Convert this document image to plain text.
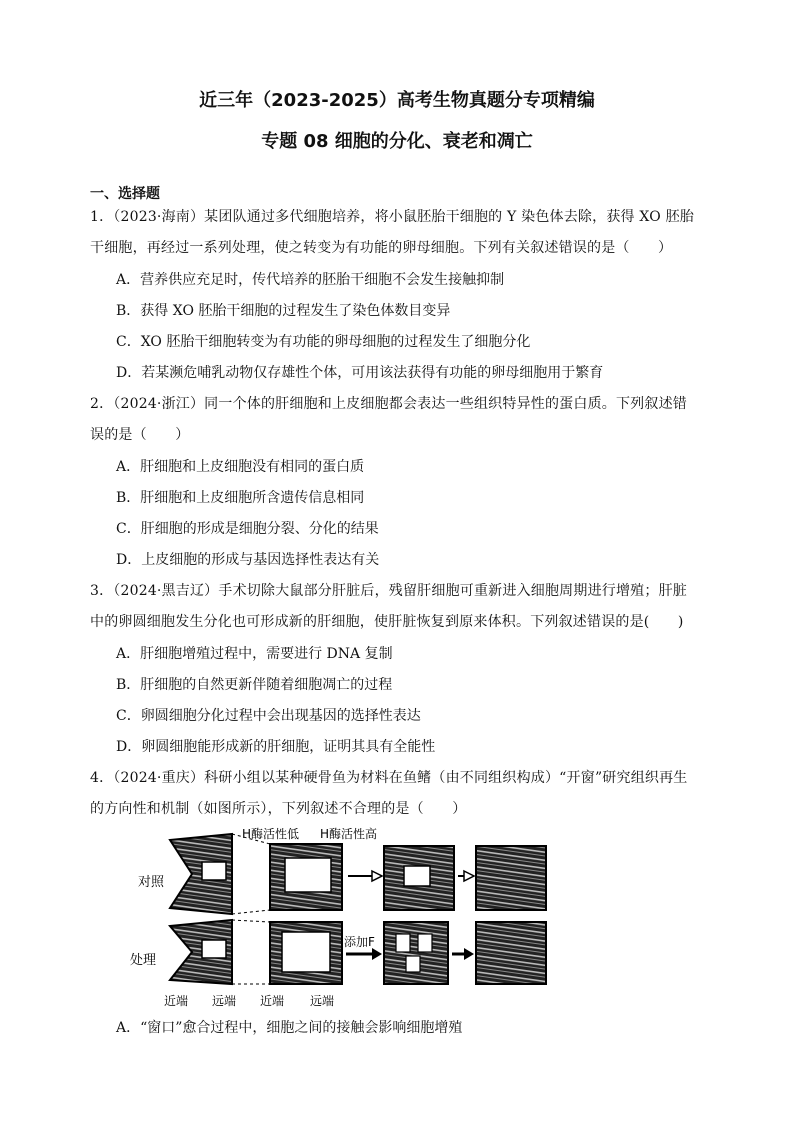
近三年（2023-2025）高考生物真题分专项精编
专题 08 细胞的分化、衰老和凋亡
一、选择题
1．（2023·海南）某团队通过多代细胞培养，将小鼠胚胎干细胞的 Y 染色体去除，获得 XO 胚胎
干细胞，再经过一系列处理，使之转变为有功能的卵母细胞。下列有关叙述错误的是（　　）
A．营养供应充足时，传代培养的胚胎干细胞不会发生接触抑制
B．获得 XO 胚胎干细胞的过程发生了染色体数目变异
C．XO 胚胎干细胞转变为有功能的卵母细胞的过程发生了细胞分化
D．若某濒危哺乳动物仅存雄性个体，可用该法获得有功能的卵母细胞用于繁育
2．（2024·浙江）同一个体的肝细胞和上皮细胞都会表达一些组织特异性的蛋白质。下列叙述错
误的是（　　）
A．肝细胞和上皮细胞没有相同的蛋白质
B．肝细胞和上皮细胞所含遗传信息相同
C．肝细胞的形成是细胞分裂、分化的结果
D．上皮细胞的形成与基因选择性表达有关
3．（2024·黑吉辽）手术切除大鼠部分肝脏后，残留肝细胞可重新进入细胞周期进行增殖；肝脏
中的卵圆细胞发生分化也可形成新的肝细胞，使肝脏恢复到原来体积。下列叙述错误的是(　　)
A．肝细胞增殖过程中，需要进行 DNA 复制
B．肝细胞的自然更新伴随着细胞凋亡的过程
C．卵圆细胞分化过程中会出现基因的选择性表达
D．卵圆细胞能形成新的肝细胞，证明其具有全能性
4．（2024·重庆）科研小组以某种硬骨鱼为材料在鱼鳍（由不同组织构成）“开窗”研究组织再生
的方向性和机制（如图所示），下列叙述不合理的是（　　）
H酶活性低 H酶活性高
对照
处理
添加F
近端 远端 近端 远端
A．“窗口”愈合过程中，细胞之间的接触会影响细胞增殖
